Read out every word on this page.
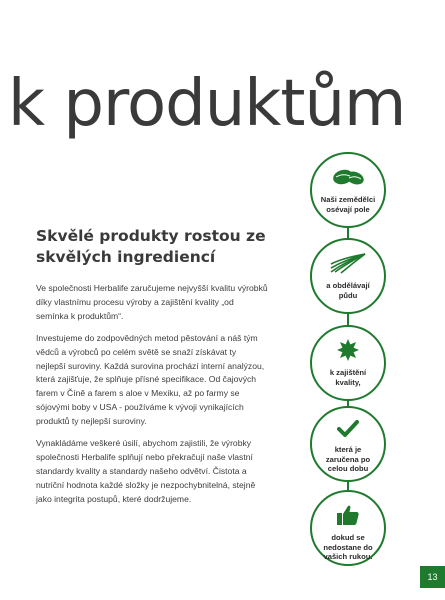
k produktům
Skvělé produkty rostou ze skvělých ingrediencí

Ve společnosti Herbalife zaručujeme nejvyšší kvalitu výrobků díky vlastnímu procesu výroby a zajištění kvality „od semínka k produktům“.

Investujeme do zodpovědných metod pěstování a náš tým vědců a výrobců po celém světě se snaží získávat ty nejlepší suroviny. Každá surovina prochází interní analýzou, která zajišťuje, že splňuje přísné specifikace. Od čajových farem v Číně a farem s aloe v Mexiku, až po farmy se sójovými boby v USA - používáme k vývoji vynikajících produktů ty nejlepší suroviny.

Vynakládáme veškeré úsilí, abychom zajistili, že výrobky společnosti Herbalife splňují nebo překračují naše vlastní standardy kvality a standardy našeho odvětví. Čistota a nutriční hodnota každé složky je nezpochybnitelná, stejně jako integrita postupů, které dodržujeme.

Naši zemědělci osévají pole
a obdělávají půdu
k zajištění kvality,
která je zaručena po celou dobu
dokud se nedostane do vašich rukou.
13
